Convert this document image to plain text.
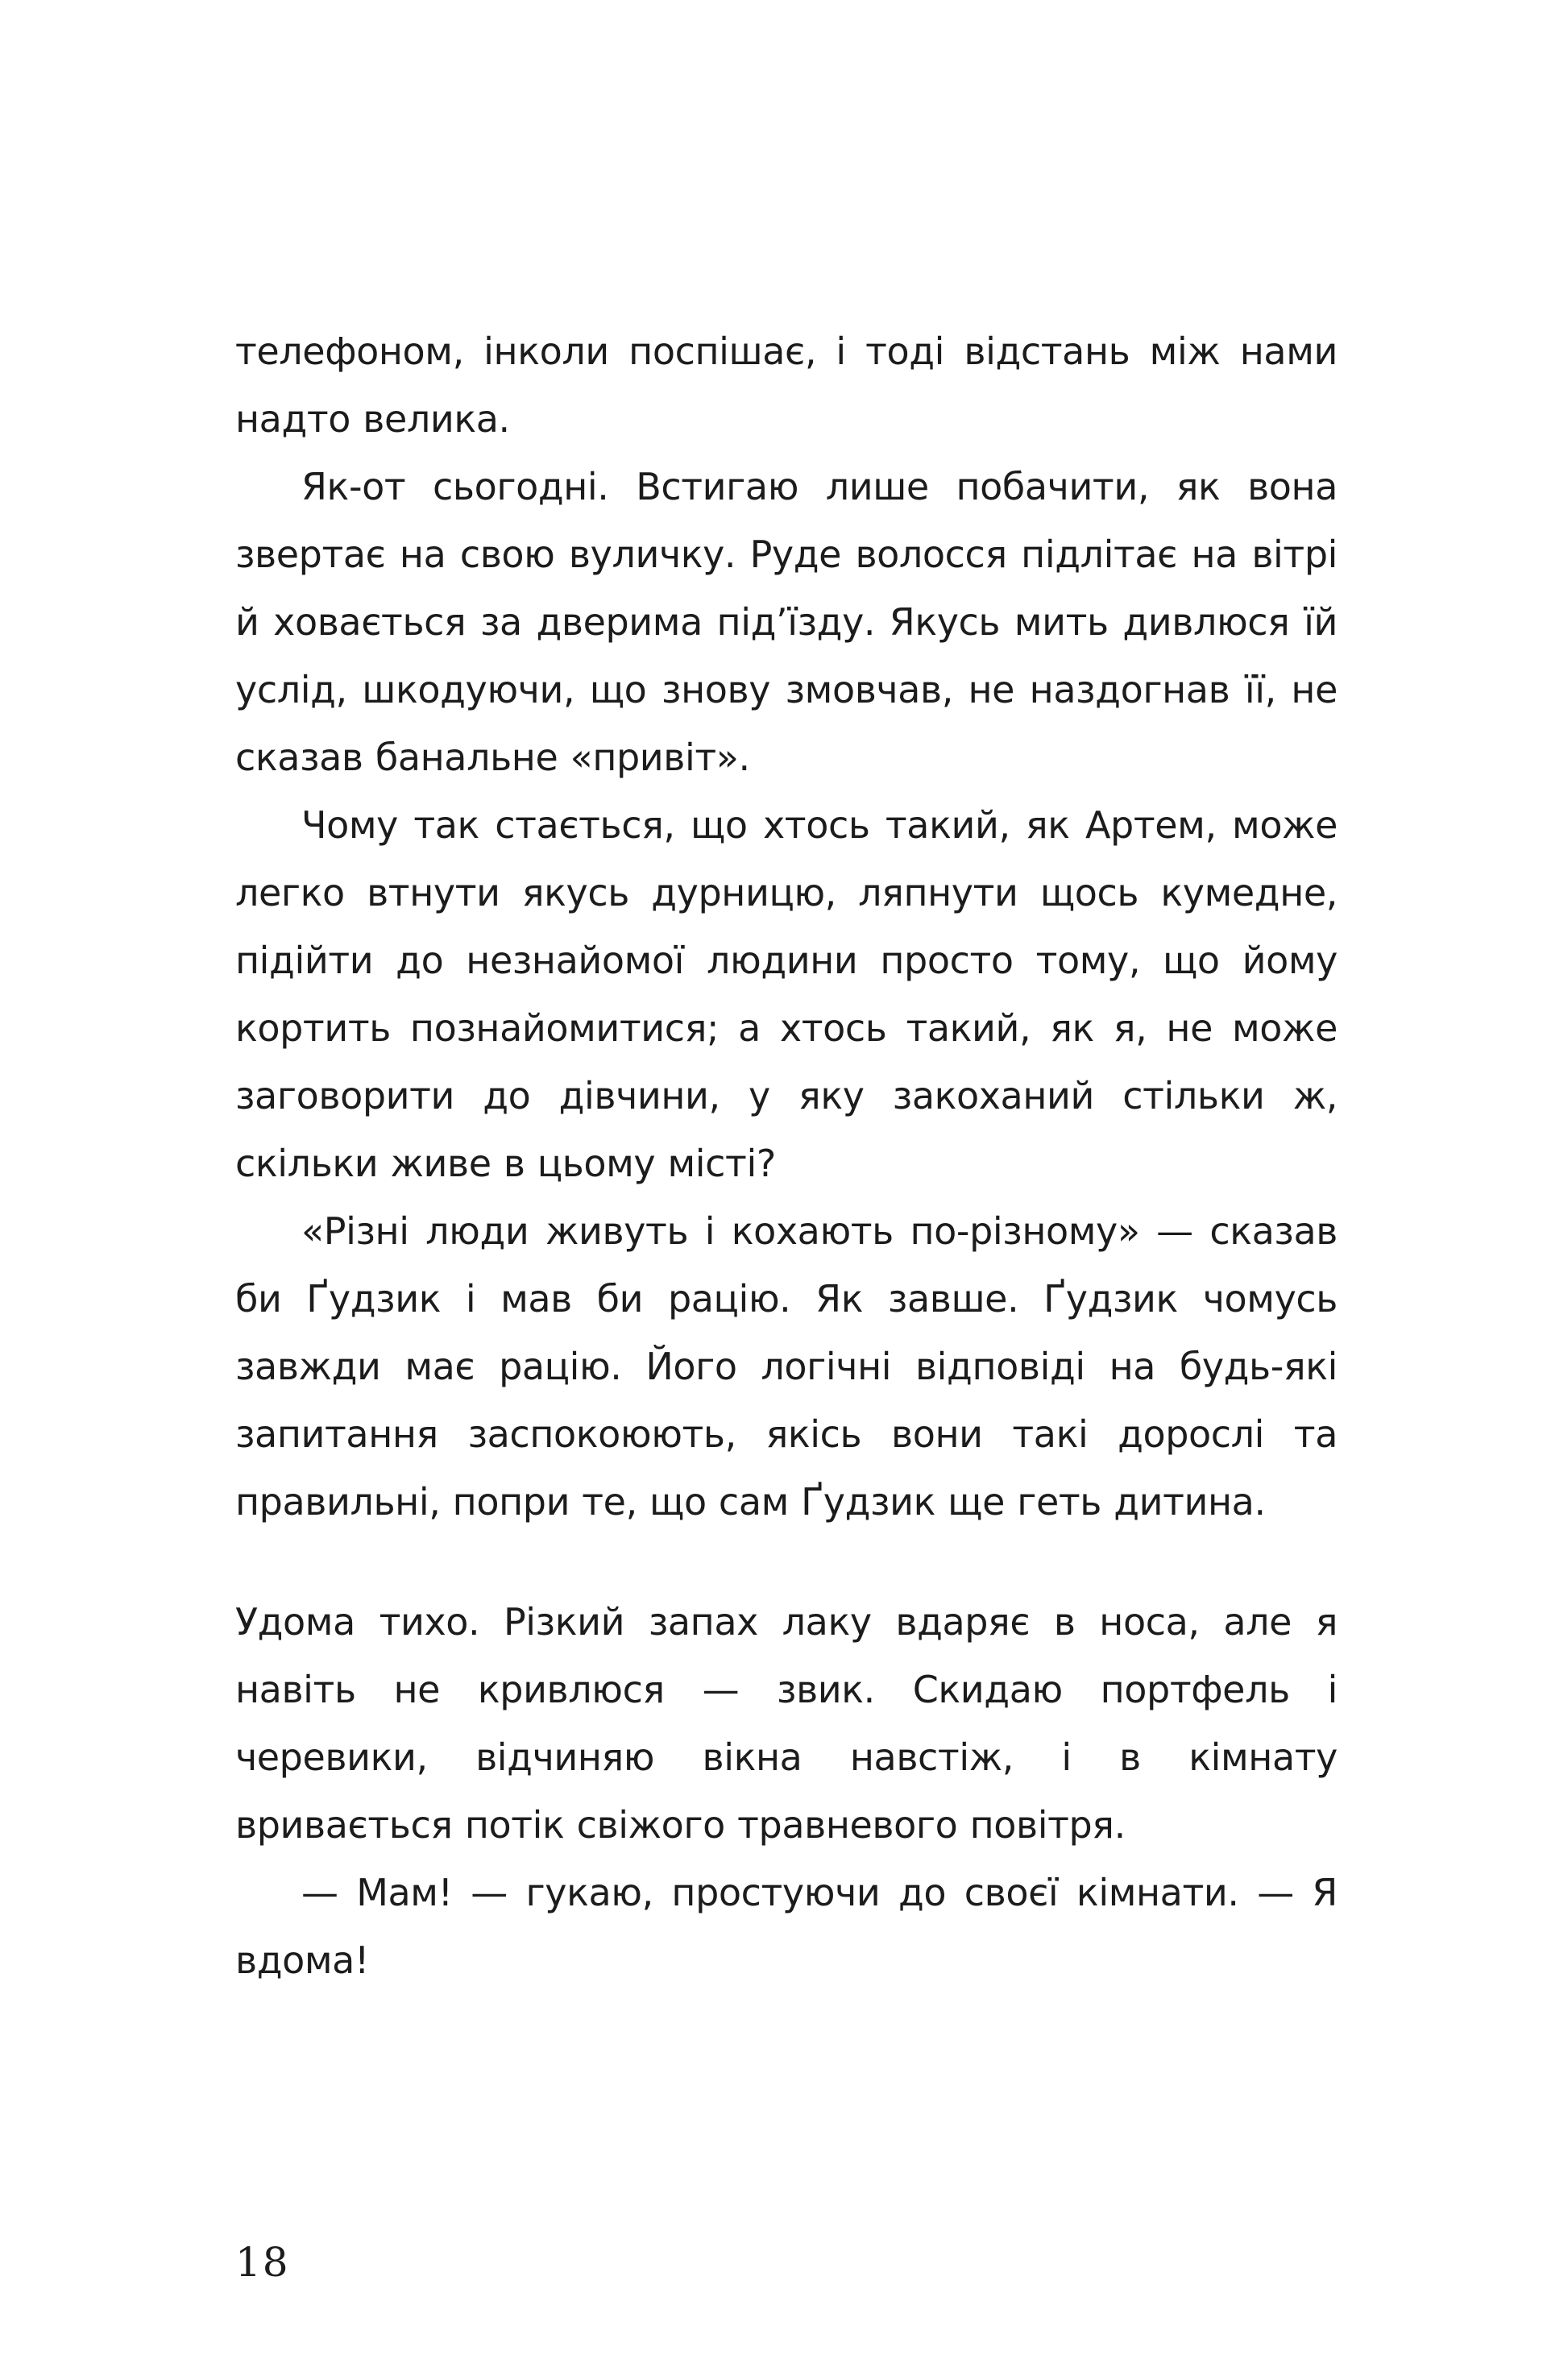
телефоном, інколи поспішає, і тоді відстань між нами надто велика.

Як-от сьогодні. Встигаю лише побачити, як вона звертає на свою вуличку. Руде волосся підлітає на вітрі й ховається за дверима під’їзду. Якусь мить дивлюся їй услід, шкодуючи, що знову змовчав, не наздогнав її, не сказав банальне «привіт».

Чому так стається, що хтось такий, як Артем, може легко втнути якусь дурницю, ляпнути щось кумедне, підійти до незнайомої людини просто тому, що йому кортить познайомитися; а хтось такий, як я, не може заговорити до дівчини, у яку закоханий стільки ж, скільки живе в цьому місті?

«Різні люди живуть і кохають по-різному» — сказав би Ґудзик і мав би рацію. Як завше. Ґудзик чомусь завжди має рацію. Його логічні відповіді на будь-які запитання заспокоюють, якісь вони такі дорослі та правильні, попри те, що сам Ґудзик ще геть дитина.

Удома тихо. Різкий запах лаку вдаряє в носа, але я навіть не кривлюся — звик. Скидаю портфель і черевики, відчиняю вікна навстіж, і в кімнату вривається потік свіжого травневого повітря.

— Мам! — гукаю, простуючи до своєї кімнати. — Я вдома!

18
